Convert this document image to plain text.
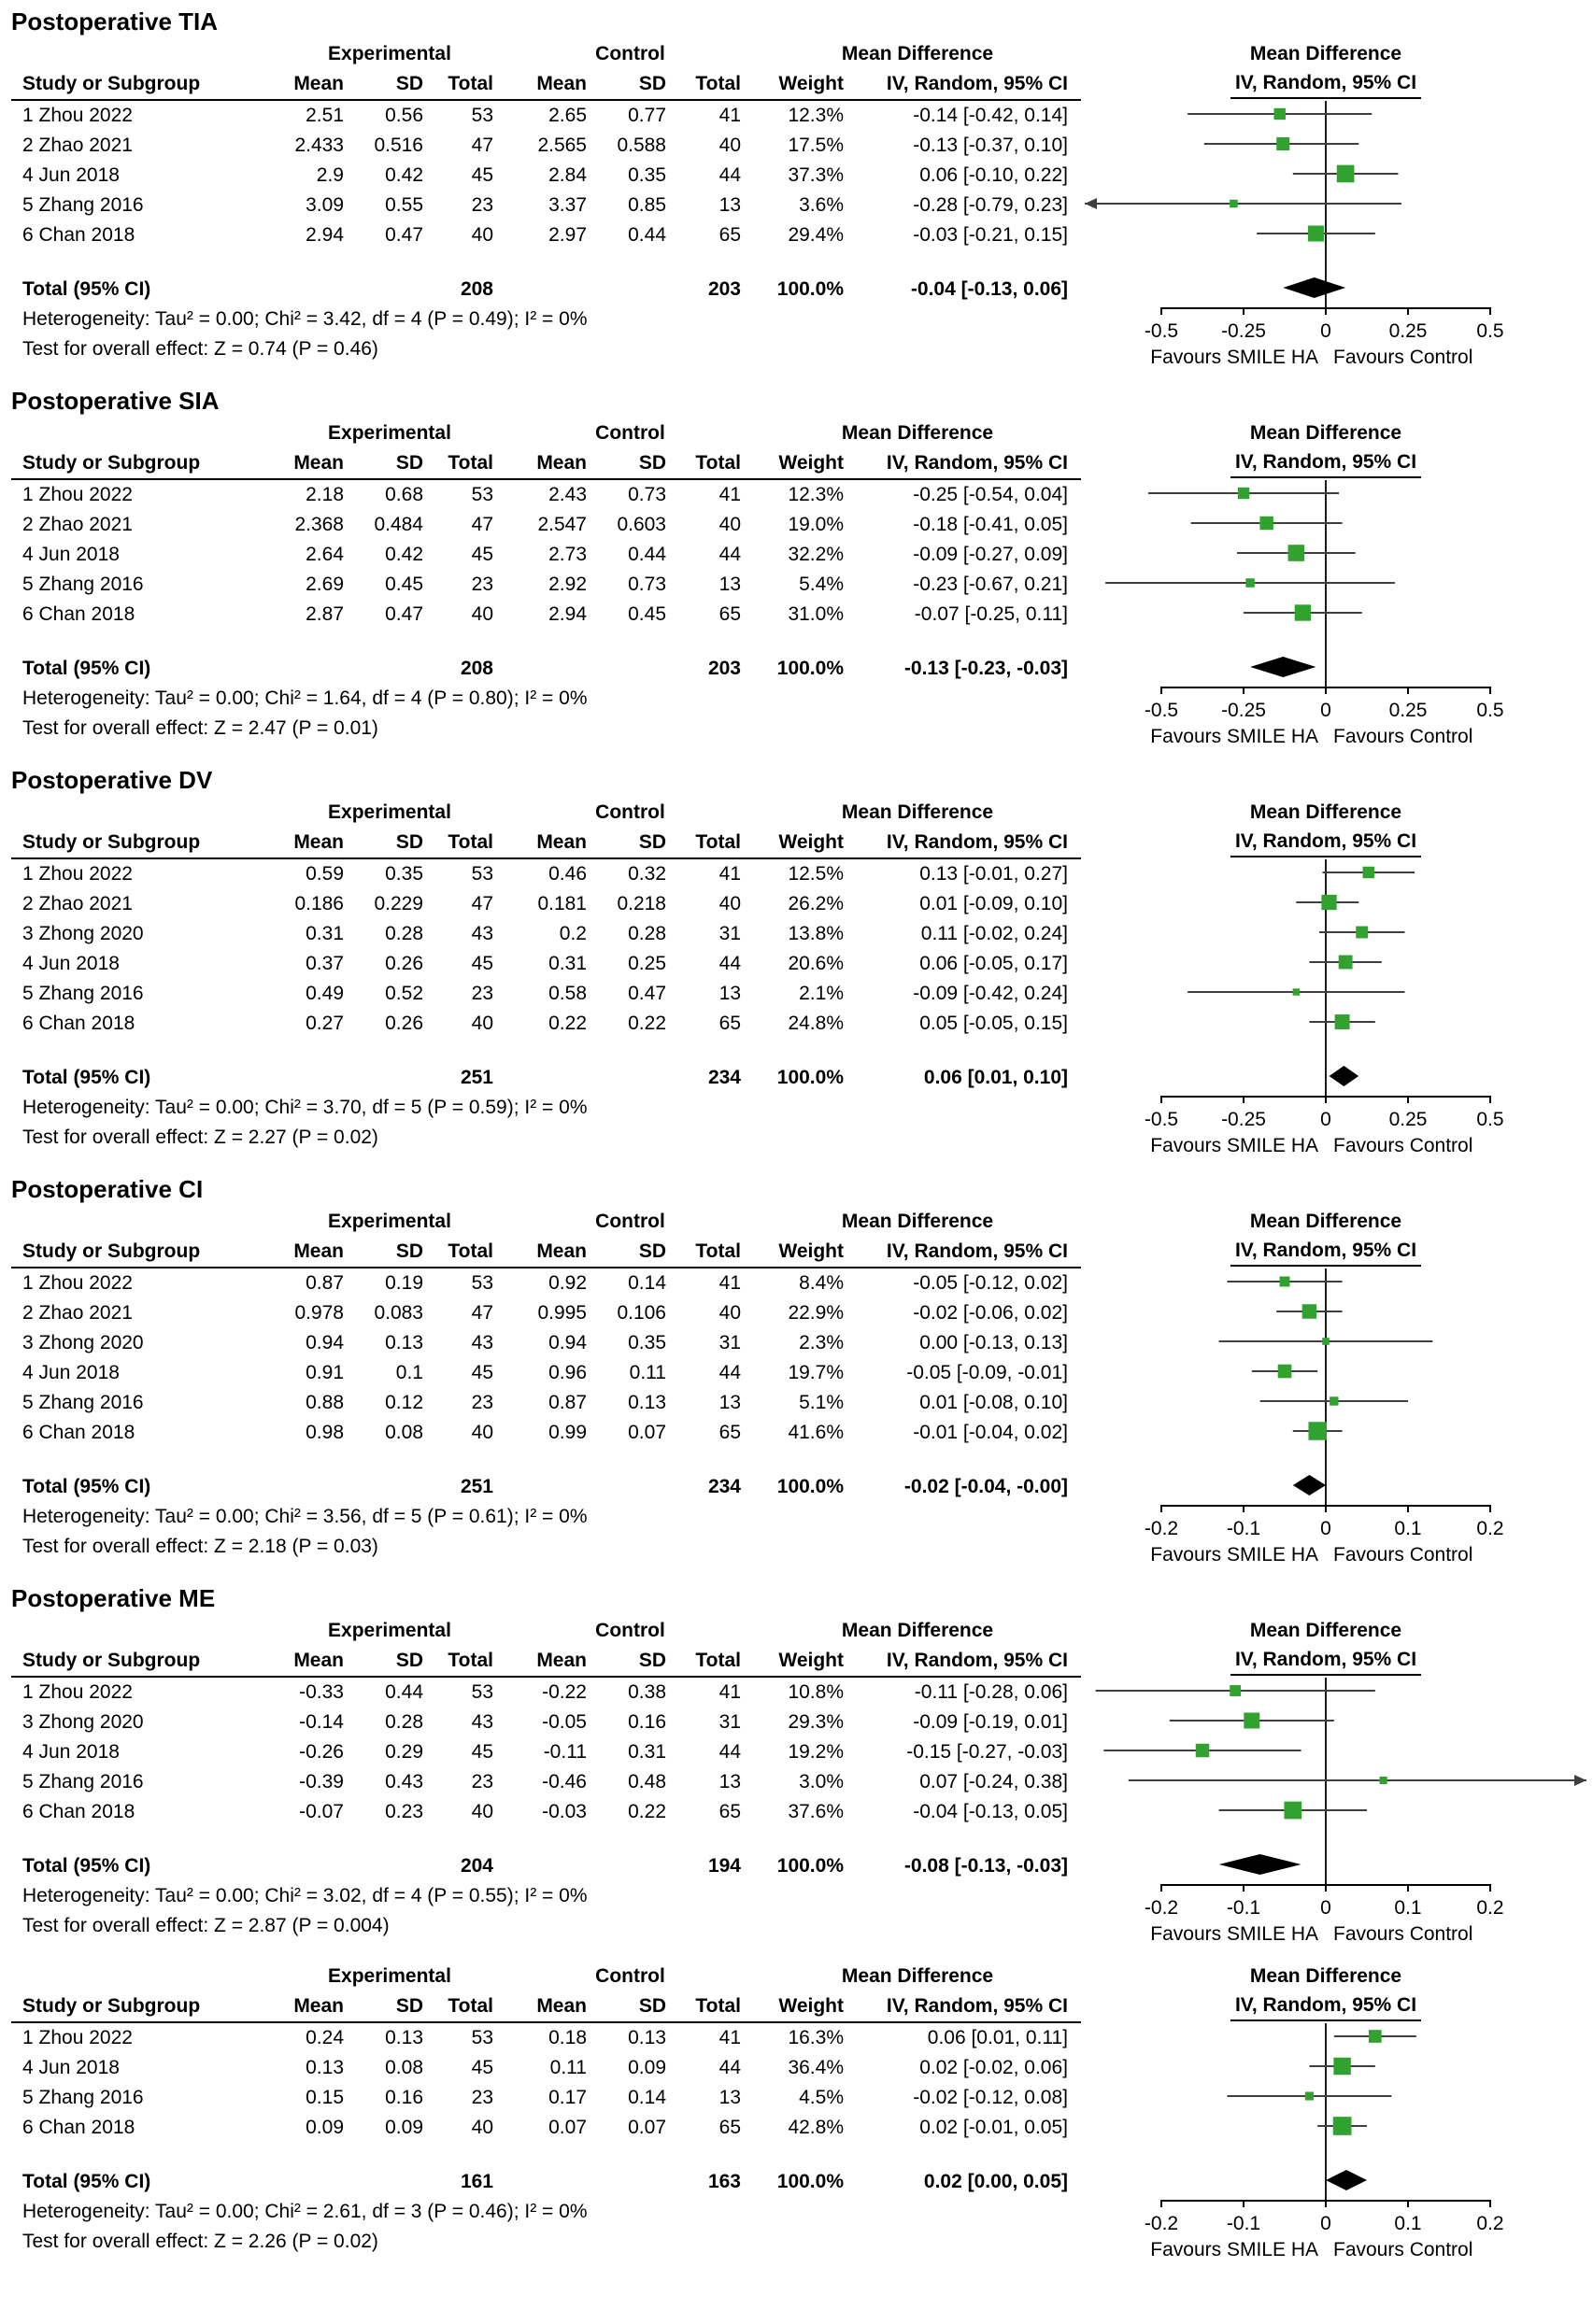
Postoperative TIA
Experimental	Control	Mean Difference
Study or Subgroup	Mean	SD	Total	Mean	SD	Total	Weight	IV, Random, 95% CI
1 Zhou 2022	2.51	0.56	53	2.65	0.77	41	12.3%	-0.14 [-0.42, 0.14]
2 Zhao 2021	2.433	0.516	47	2.565	0.588	40	17.5%	-0.13 [-0.37, 0.10]
4 Jun 2018	2.9	0.42	45	2.84	0.35	44	37.3%	0.06 [-0.10, 0.22]
5 Zhang 2016	3.09	0.55	23	3.37	0.85	13	3.6%	-0.28 [-0.79, 0.23]
6 Chan 2018	2.94	0.47	40	2.97	0.44	65	29.4%	-0.03 [-0.21, 0.15]
Total (95% CI)	208	203	100.0%	-0.04 [-0.13, 0.06]
Heterogeneity: Tau² = 0.00; Chi² = 3.42, df = 4 (P = 0.49); I² = 0%
Test for overall effect: Z = 0.74 (P = 0.46)
Mean Difference
IV, Random, 95% CI
-0.5 -0.25	0	0.25	0.5
Favours SMILE HA Favours Control
Postoperative SIA
Experimental	Control	Mean Difference
Study or Subgroup	Mean	SD	Total	Mean	SD	Total	Weight	IV, Random, 95% CI
1 Zhou 2022	2.18	0.68	53	2.43	0.73	41	12.3%	-0.25 [-0.54, 0.04]
2 Zhao 2021	2.368	0.484	47	2.547	0.603	40	19.0%	-0.18 [-0.41, 0.05]
4 Jun 2018	2.64	0.42	45	2.73	0.44	44	32.2%	-0.09 [-0.27, 0.09]
5 Zhang 2016	2.69	0.45	23	2.92	0.73	13	5.4%	-0.23 [-0.67, 0.21]
6 Chan 2018	2.87	0.47	40	2.94	0.45	65	31.0%	-0.07 [-0.25, 0.11]
Total (95% CI)	208	203	100.0%	-0.13 [-0.23, -0.03]
Heterogeneity: Tau² = 0.00; Chi² = 1.64, df = 4 (P = 0.80); I² = 0%
Test for overall effect: Z = 2.47 (P = 0.01)
Mean Difference
IV, Random, 95% CI
-0.5 -0.25	0	0.25	0.5
Favours SMILE HA Favours Control
Postoperative DV
Experimental	Control	Mean Difference
Study or Subgroup	Mean	SD	Total	Mean	SD	Total	Weight	IV, Random, 95% CI
1 Zhou 2022	0.59	0.35	53	0.46	0.32	41	12.5%	0.13 [-0.01, 0.27]
2 Zhao 2021	0.186	0.229	47	0.181	0.218	40	26.2%	0.01 [-0.09, 0.10]
3 Zhong 2020	0.31	0.28	43	0.2	0.28	31	13.8%	0.11 [-0.02, 0.24]
4 Jun 2018	0.37	0.26	45	0.31	0.25	44	20.6%	0.06 [-0.05, 0.17]
5 Zhang 2016	0.49	0.52	23	0.58	0.47	13	2.1%	-0.09 [-0.42, 0.24]
6 Chan 2018	0.27	0.26	40	0.22	0.22	65	24.8%	0.05 [-0.05, 0.15]
Total (95% CI)	251	234	100.0%	0.06 [0.01, 0.10]
Heterogeneity: Tau² = 0.00; Chi² = 3.70, df = 5 (P = 0.59); I² = 0%
Test for overall effect: Z = 2.27 (P = 0.02)
Mean Difference
IV, Random, 95% CI
-0.5 -0.25	0	0.25	0.5
Favours SMILE HA Favours Control
Postoperative CI
Experimental	Control	Mean Difference
Study or Subgroup	Mean	SD	Total	Mean	SD	Total	Weight	IV, Random, 95% CI
1 Zhou 2022	0.87	0.19	53	0.92	0.14	41	8.4%	-0.05 [-0.12, 0.02]
2 Zhao 2021	0.978	0.083	47	0.995	0.106	40	22.9%	-0.02 [-0.06, 0.02]
3 Zhong 2020	0.94	0.13	43	0.94	0.35	31	2.3%	0.00 [-0.13, 0.13]
4 Jun 2018	0.91	0.1	45	0.96	0.11	44	19.7%	-0.05 [-0.09, -0.01]
5 Zhang 2016	0.88	0.12	23	0.87	0.13	13	5.1%	0.01 [-0.08, 0.10]
6 Chan 2018	0.98	0.08	40	0.99	0.07	65	41.6%	-0.01 [-0.04, 0.02]
Total (95% CI)	251	234	100.0%	-0.02 [-0.04, -0.00]
Heterogeneity: Tau² = 0.00; Chi² = 3.56, df = 5 (P = 0.61); I² = 0%
Test for overall effect: Z = 2.18 (P = 0.03)
Mean Difference
IV, Random, 95% CI
-0.2 -0.1	0	0.1	0.2
Favours SMILE HA Favours Control
Postoperative ME
Experimental	Control	Mean Difference
Study or Subgroup	Mean	SD	Total	Mean	SD	Total	Weight	IV, Random, 95% CI
1 Zhou 2022	-0.33	0.44	53	-0.22	0.38	41	10.8%	-0.11 [-0.28, 0.06]
3 Zhong 2020	-0.14	0.28	43	-0.05	0.16	31	29.3%	-0.09 [-0.19, 0.01]
4 Jun 2018	-0.26	0.29	45	-0.11	0.31	44	19.2%	-0.15 [-0.27, -0.03]
5 Zhang 2016	-0.39	0.43	23	-0.46	0.48	13	3.0%	0.07 [-0.24, 0.38]
6 Chan 2018	-0.07	0.23	40	-0.03	0.22	65	37.6%	-0.04 [-0.13, 0.05]
Total (95% CI)	204	194	100.0%	-0.08 [-0.13, -0.03]
Heterogeneity: Tau² = 0.00; Chi² = 3.02, df = 4 (P = 0.55); I² = 0%
Test for overall effect: Z = 2.87 (P = 0.004)
Mean Difference
IV, Random, 95% CI
-0.2 -0.1	0	0.1	0.2
Favours SMILE HA Favours Control
Experimental	Control	Mean Difference
Study or Subgroup	Mean	SD	Total	Mean	SD	Total	Weight	IV, Random, 95% CI
1 Zhou 2022	0.24	0.13	53	0.18	0.13	41	16.3%	0.06 [0.01, 0.11]
4 Jun 2018	0.13	0.08	45	0.11	0.09	44	36.4%	0.02 [-0.02, 0.06]
5 Zhang 2016	0.15	0.16	23	0.17	0.14	13	4.5%	-0.02 [-0.12, 0.08]
6 Chan 2018	0.09	0.09	40	0.07	0.07	65	42.8%	0.02 [-0.01, 0.05]
Total (95% CI)	161	163	100.0%	0.02 [0.00, 0.05]
Heterogeneity: Tau² = 0.00; Chi² = 2.61, df = 3 (P = 0.46); I² = 0%
Test for overall effect: Z = 2.26 (P = 0.02)
Mean Difference
IV, Random, 95% CI
-0.2 -0.1	0	0.1	0.2
Favours SMILE HA Favours Control
